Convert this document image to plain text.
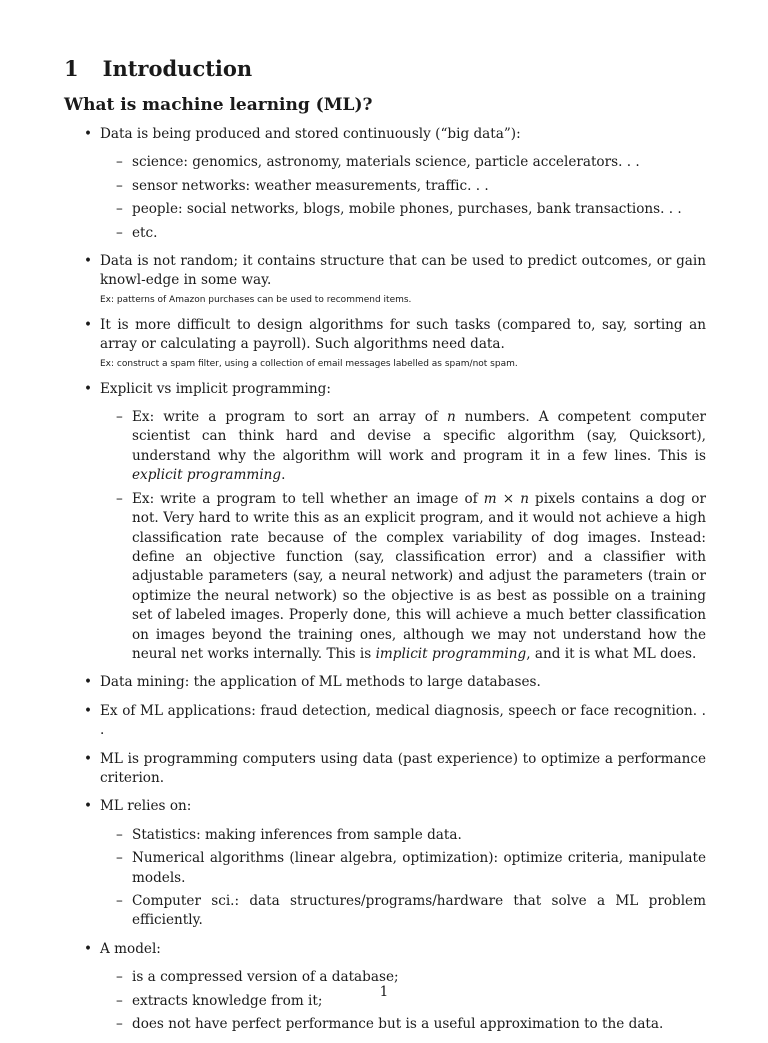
1 Introduction
What is machine learning (ML)?
• Data is being produced and stored continuously (“big data”):
– science: genomics, astronomy, materials science, particle accelerators. . .
– sensor networks: weather measurements, traffic. . .
– people: social networks, blogs, mobile phones, purchases, bank transactions. . .
– etc.
• Data is not random; it contains structure that can be used to predict outcomes, or gain knowl-edge in some way.
Ex: patterns of Amazon purchases can be used to recommend items.
• It is more difficult to design algorithms for such tasks (compared to, say, sorting an array or calculating a payroll). Such algorithms need data.
Ex: construct a spam filter, using a collection of email messages labelled as spam/not spam.
• Explicit vs implicit programming:
– Ex: write a program to sort an array of n numbers. A competent computer scientist can think hard and devise a specific algorithm (say, Quicksort), understand why the algorithm will work and program it in a few lines. This is explicit programming.
– Ex: write a program to tell whether an image of m × n pixels contains a dog or not. Very hard to write this as an explicit program, and it would not achieve a high classification rate because of the complex variability of dog images. Instead: define an objective function (say, classification error) and a classifier with adjustable parameters (say, a neural network) and adjust the parameters (train or optimize the neural network) so the objective is as best as possible on a training set of labeled images. Properly done, this will achieve a much better classification on images beyond the training ones, although we may not understand how the neural net works internally. This is implicit programming, and it is what ML does.
• Data mining: the application of ML methods to large databases.
• Ex of ML applications: fraud detection, medical diagnosis, speech or face recognition. . .
• ML is programming computers using data (past experience) to optimize a performance criterion.
• ML relies on:
– Statistics: making inferences from sample data.
– Numerical algorithms (linear algebra, optimization): optimize criteria, manipulate models.
– Computer sci.: data structures/programs/hardware that solve a ML problem efficiently.
• A model:
– is a compressed version of a database;
– extracts knowledge from it;
– does not have perfect performance but is a useful approximation to the data.
1
